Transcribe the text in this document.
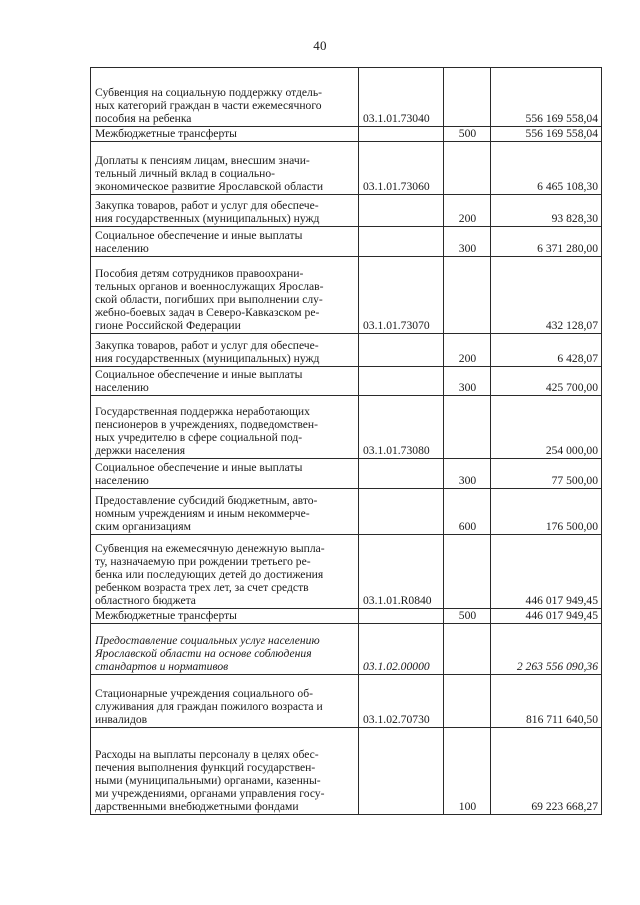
40
Субвенция на социальную поддержку отдель-
ных категорий граждан в части ежемесячного
пособия на ребенка	03.1.01.73040		556 169 558,04
Межбюджетные трансферты		500	556 169 558,04
Доплаты к пенсиям лицам, внесшим значи-
тельный личный вклад в социально-
экономическое развитие Ярославской области	03.1.01.73060		6 465 108,30
Закупка товаров, работ и услуг для обеспече-
ния государственных (муниципальных) нужд		200	93 828,30
Социальное обеспечение и иные выплаты
населению		300	6 371 280,00
Пособия детям сотрудников правоохрани-
тельных органов и военнослужащих Ярослав-
ской области, погибших при выполнении слу-
жебно-боевых задач в Северо-Кавказском ре-
гионе Российской Федерации	03.1.01.73070		432 128,07
Закупка товаров, работ и услуг для обеспече-
ния государственных (муниципальных) нужд		200	6 428,07
Социальное обеспечение и иные выплаты
населению		300	425 700,00
Государственная поддержка неработающих
пенсионеров в учреждениях, подведомствен-
ных учредителю в сфере социальной под-
держки населения	03.1.01.73080		254 000,00
Социальное обеспечение и иные выплаты
населению		300	77 500,00
Предоставление субсидий бюджетным, авто-
номным учреждениям и иным некоммерче-
ским организациям		600	176 500,00
Субвенция на ежемесячную денежную выпла-
ту, назначаемую при рождении третьего ре-
бенка или последующих детей до достижения
ребенком возраста трех лет, за счет средств
областного бюджета	03.1.01.R0840		446 017 949,45
Межбюджетные трансферты		500	446 017 949,45
Предоставление социальных услуг населению
Ярославской области на основе соблюдения
стандартов и нормативов	03.1.02.00000		2 263 556 090,36
Стационарные учреждения социального об-
служивания для граждан пожилого возраста и
инвалидов	03.1.02.70730		816 711 640,50
Расходы на выплаты персоналу в целях обес-
печения выполнения функций государствен-
ными (муниципальными) органами, казенны-
ми учреждениями, органами управления госу-
дарственными внебюджетными фондами		100	69 223 668,27
